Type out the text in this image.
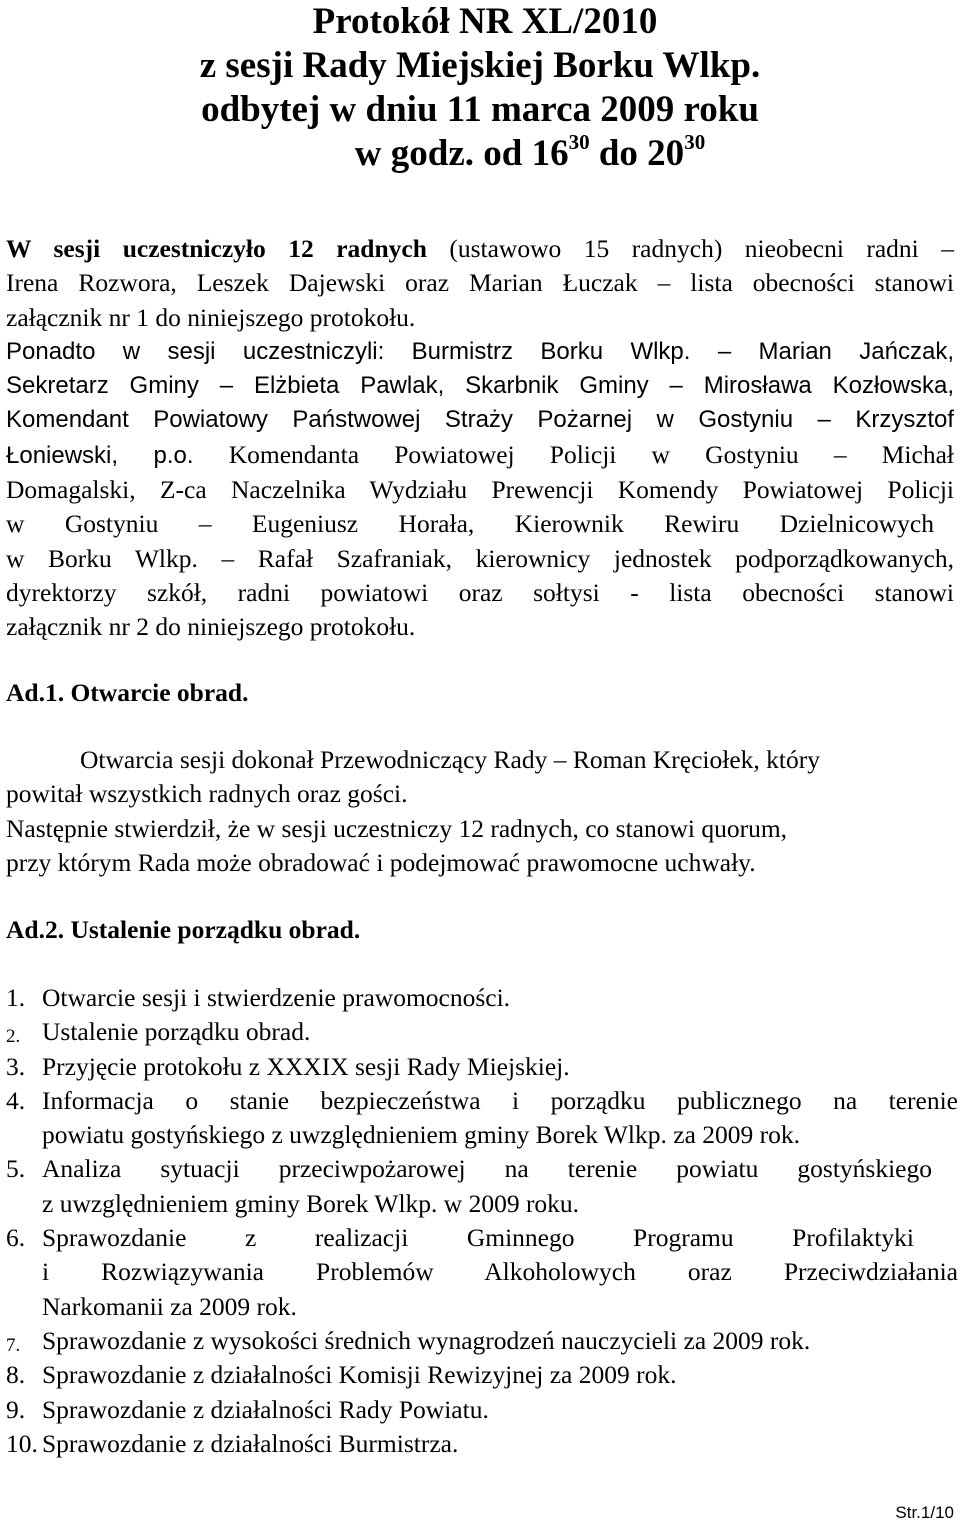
Protokół NR XL/2010
z sesji Rady Miejskiej Borku Wlkp.
odbytej w dniu 11 marca 2009 roku
w godz. od $16^{30}$ do $20^{30}$
W sesji uczestniczyło 12 radnych (ustawowo 15 radnych) nieobecni radni –
Irena Rozwora, Leszek Dajewski oraz Marian Łuczak – lista obecności stanowi
załącznik nr 1 do niniejszego protokołu.
Ponadto w sesji uczestniczyli: Burmistrz Borku Wlkp. – Marian Jańczak,
Sekretarz Gminy – Elżbieta Pawlak, Skarbnik Gminy – Mirosława Kozłowska,
Komendant Powiatowy Państwowej Straży Pożarnej w Gostyniu – Krzysztof
Łoniewski, p.o. Komendanta Powiatowej Policji w Gostyniu – Michał
Domagalski, Z-ca Naczelnika Wydziału Prewencji Komendy Powiatowej Policji
w Gostyniu – Eugeniusz Horała, Kierownik Rewiru Dzielnicowych
w Borku Wlkp. – Rafał Szafraniak, kierownicy jednostek podporządkowanych,
dyrektorzy szkół, radni powiatowi oraz sołtysi - lista obecności stanowi
załącznik nr 2 do niniejszego protokołu.
Ad.1. Otwarcie obrad.
Otwarcia sesji dokonał Przewodniczący Rady – Roman Kręciołek, który
powitał wszystkich radnych oraz gości.
Następnie stwierdził, że w sesji uczestniczy 12 radnych, co stanowi quorum,
przy którym Rada może obradować i podejmować prawomocne uchwały.
Ad.2. Ustalenie porządku obrad.
1. Otwarcie sesji i stwierdzenie prawomocności.
2. Ustalenie porządku obrad.
3. Przyjęcie protokołu z XXXIX sesji Rady Miejskiej.
4. Informacja o stanie bezpieczeństwa i porządku publicznego na terenie
powiatu gostyńskiego z uwzględnieniem gminy Borek Wlkp. za 2009 rok.
5. Analiza sytuacji przeciwpożarowej na terenie powiatu gostyńskiego
z uwzględnieniem gminy Borek Wlkp. w 2009 roku.
6. Sprawozdanie z realizacji Gminnego Programu Profilaktyki
i Rozwiązywania Problemów Alkoholowych oraz Przeciwdziałania
Narkomanii za 2009 rok.
7. Sprawozdanie z wysokości średnich wynagrodzeń nauczycieli za 2009 rok.
8. Sprawozdanie z działalności Komisji Rewizyjnej za 2009 rok.
9. Sprawozdanie z działalności Rady Powiatu.
10. Sprawozdanie z działalności Burmistrza.
Str.1/10
